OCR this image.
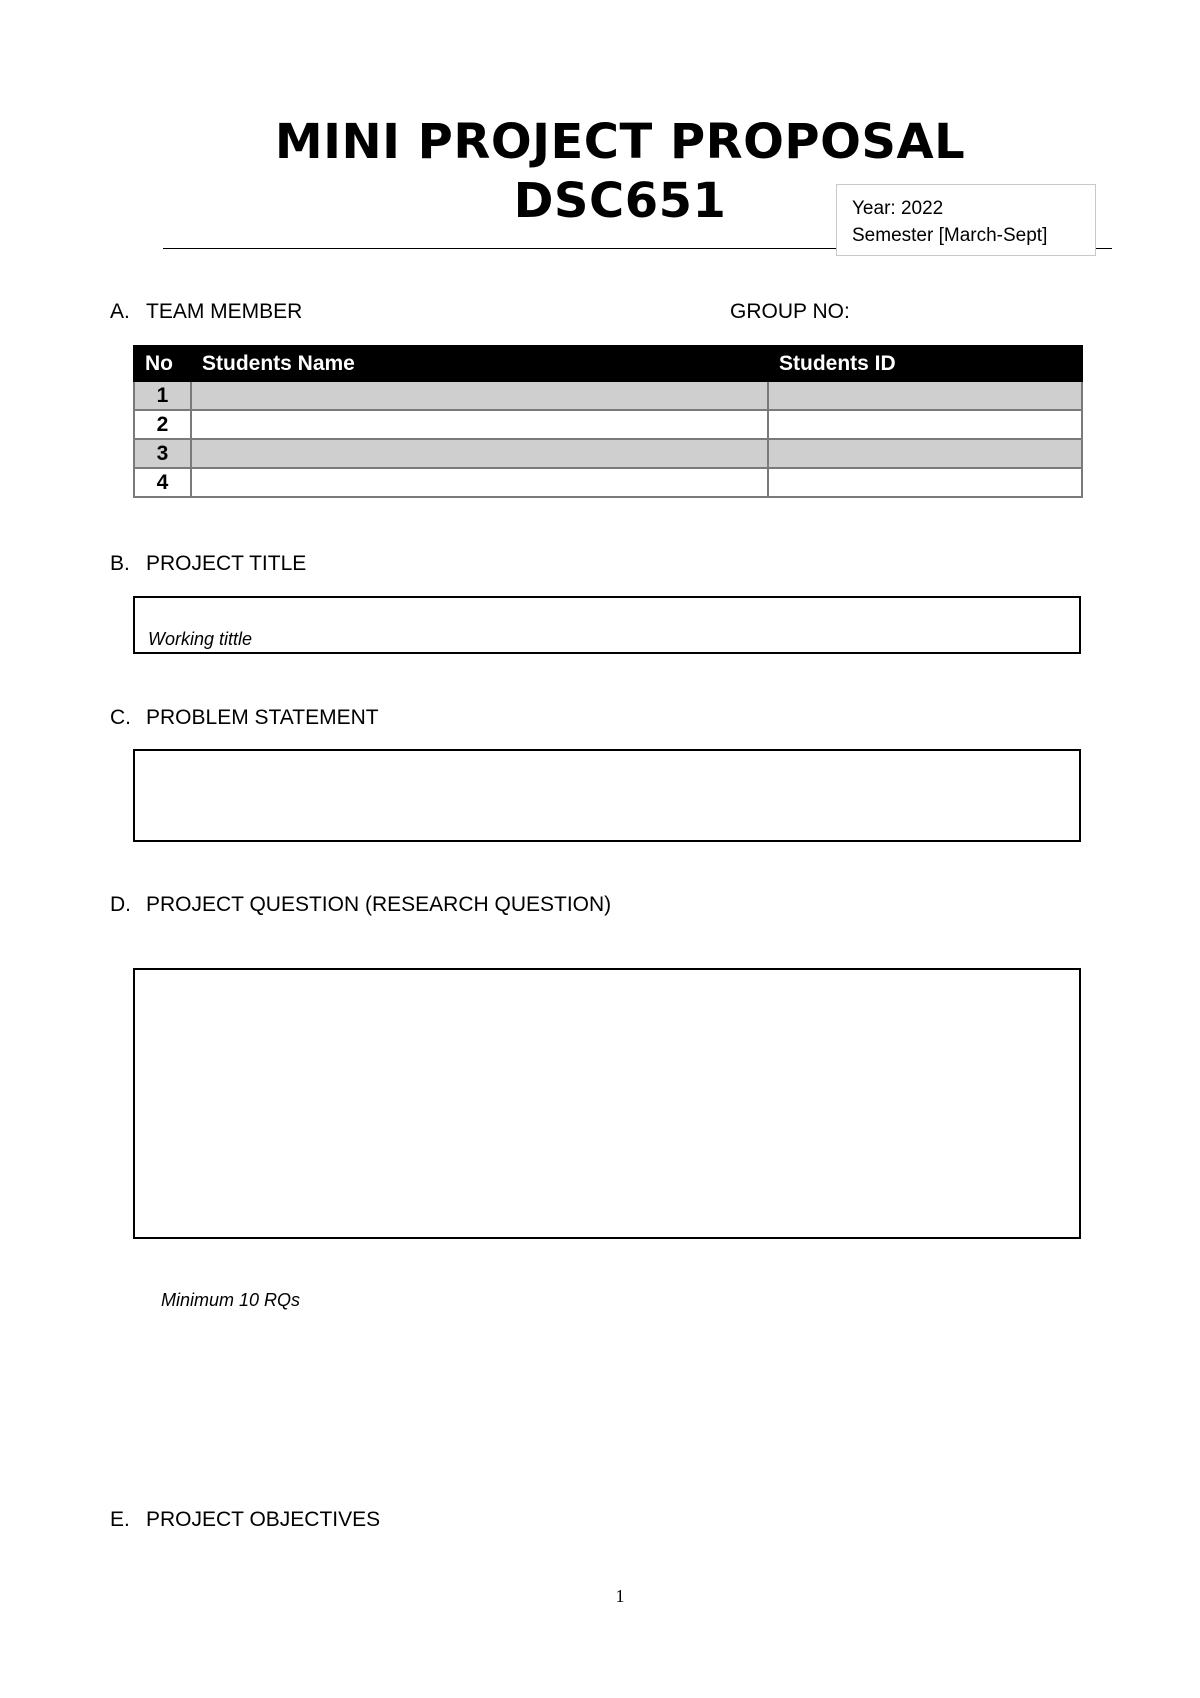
MINI PROJECT PROPOSAL
DSC651	Year: 2022
Semester [March-Sept]
A. TEAM MEMBER	GROUP NO:
No	Students Name	Students ID
1		
2		
3		
4		
B. PROJECT TITLE
Working tittle
C. PROBLEM STATEMENT
D. PROJECT QUESTION (RESEARCH QUESTION)
Minimum 10 RQs
E. PROJECT OBJECTIVES
1
